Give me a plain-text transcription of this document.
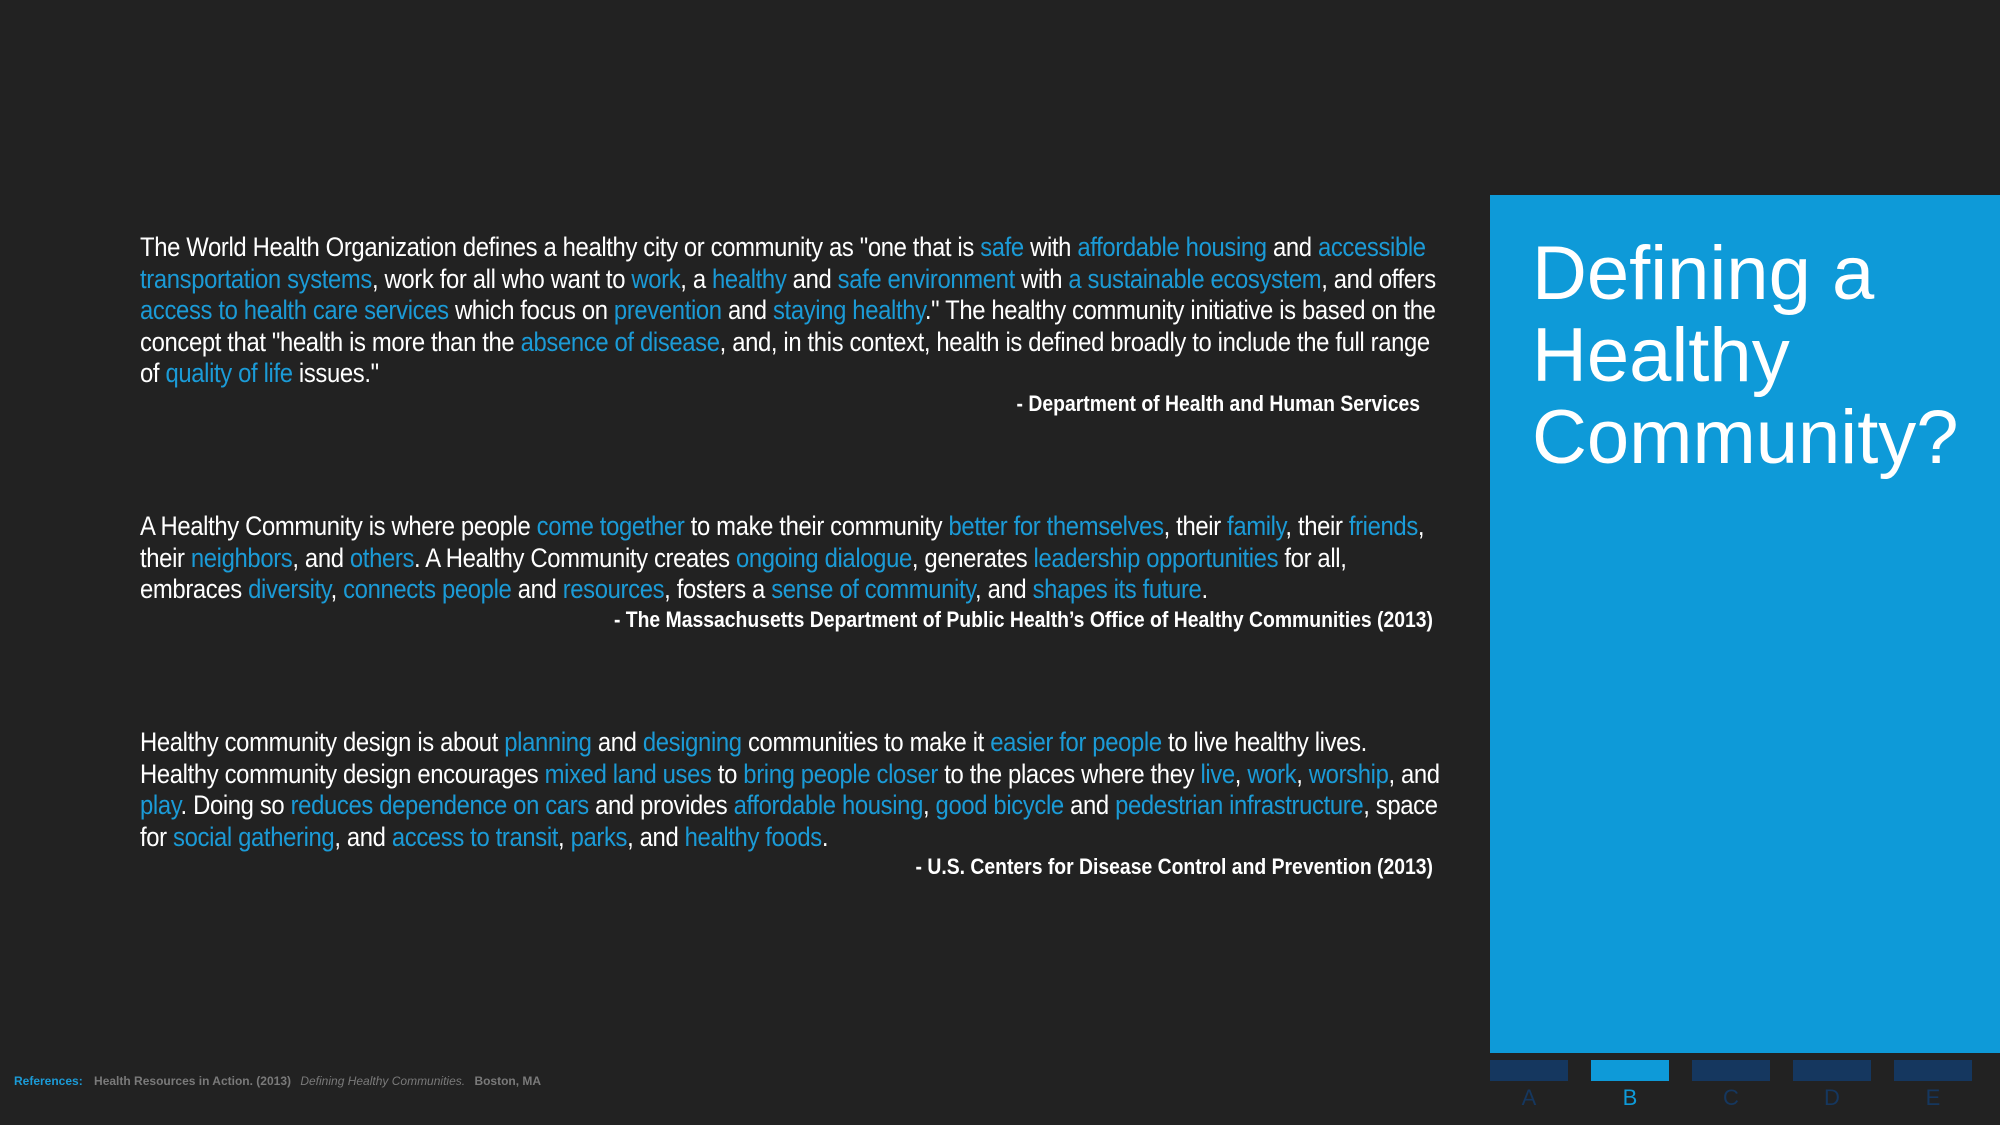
The World Health Organization defines a healthy city or community as "one that is safe with affordable housing and accessible transportation systems, work for all who want to work, a healthy and safe environment with a sustainable ecosystem, and offers access to health care services which focus on prevention and staying healthy." The healthy community initiative is based on the concept that "health is more than the absence of disease, and, in this context, health is defined broadly to include the full range of quality of life issues."
- Department of Health and Human Services
A Healthy Community is where people come together to make their community better for themselves, their family, their friends, their neighbors, and others. A Healthy Community creates ongoing dialogue, generates leadership opportunities for all, embraces diversity, connects people and resources, fosters a sense of community, and shapes its future.
- The Massachusetts Department of Public Health’s Office of Healthy Communities (2013)
Healthy community design is about planning and designing communities to make it easier for people to live healthy lives. Healthy community design encourages mixed land uses to bring people closer to the places where they live, work, worship, and play. Doing so reduces dependence on cars and provides affordable housing, good bicycle and pedestrian infrastructure, space for social gathering, and access to transit, parks, and healthy foods.
- U.S. Centers for Disease Control and Prevention (2013)
Defining a
Healthy
Community?
A	B	C	D	E
References: Health Resources in Action. (2013) Defining Healthy Communities. Boston, MA
